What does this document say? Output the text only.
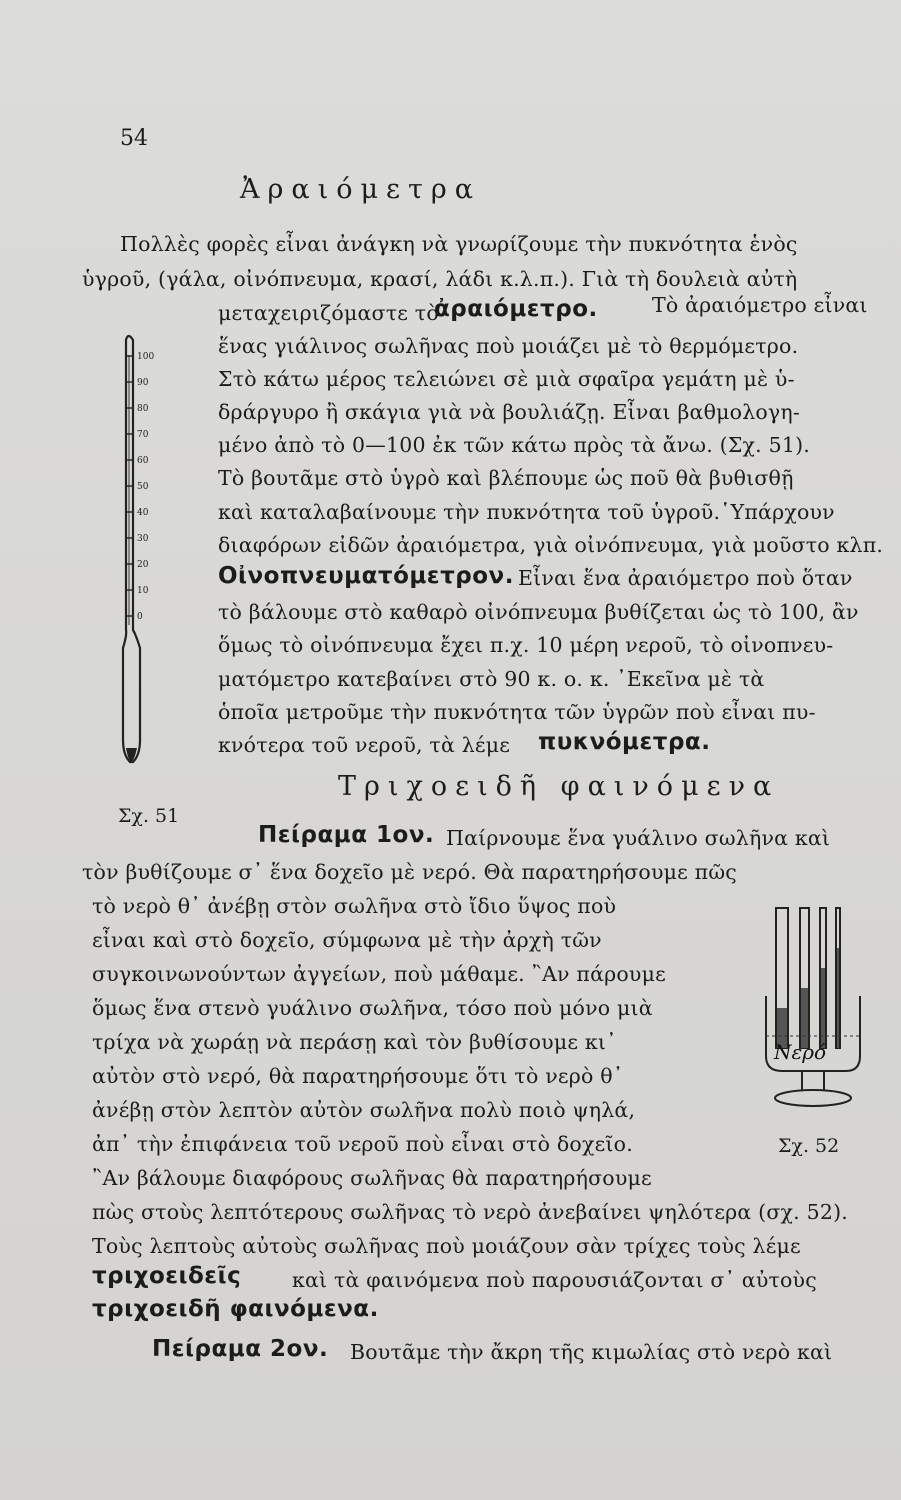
54
Ἀραιόμετρα
Πολλὲς φορὲς εἶναι ἀνάγκη νὰ γνωρίζουμε τὴν πυκνότητα ἑνὸς
ὑγροῦ, (γάλα, οἰνόπνευμα, κρασί, λάδι κ.λ.π.). Γιὰ τὴ δουλειὰ αὐτὴ
μεταχειριζόμαστε τὸ
ἀραιόμετρο.	Τὸ ἀραιόμετρο εἶναι
ἕνας γιάλινος σωλῆνας ποὺ μοιάζει μὲ τὸ θερμόμετρο.
Στὸ κάτω μέρος τελειώνει σὲ μιὰ σφαῖρα γεμάτη μὲ ὑ-
δράργυρο ἢ σκάγια γιὰ νὰ βουλιάζῃ. Εἶναι βαθμολογη-
μένο ἀπὸ τὸ 0—100 ἐκ τῶν κάτω πρὸς τὰ ἄνω. (Σχ. 51).
Τὸ βουτᾶμε στὸ ὑγρὸ καὶ βλέπουμε ὡς ποῦ θὰ βυθισθῇ
καὶ καταλαβαίνουμε τὴν πυκνότητα τοῦ ὑγροῦ.῾Υπάρχουν
διαφόρων εἰδῶν ἀραιόμετρα, γιὰ οἰνόπνευμα, γιὰ μοῦστο κλπ.
Οἰνοπνευματόμετρον. Εἶναι ἕνα ἀραιόμετρο ποὺ ὅταν
τὸ βάλουμε στὸ καθαρὸ οἰνόπνευμα βυθίζεται ὡς τὸ 100, ἂν
ὅμως τὸ οἰνόπνευμα ἔχει π.χ. 10 μέρη νεροῦ, τὸ οἰνοπνευ-
ματόμετρο κατεβαίνει στὸ 90 κ. ο. κ. ᾿Εκεῖνα μὲ τὰ
ὁποῖα μετροῦμε τὴν πυκνότητα τῶν ὑγρῶν ποὺ εἶναι πυ-
κνότερα τοῦ νεροῦ, τὰ λέμε πυκνόμετρα.
100
90
80
70
60
50
40
30
20
10
0
Σχ. 51
Τριχοειδῆ φαινόμενα
Πείραμα 1ον. Παίρνουμε ἕνα γυάλινο σωλῆνα καὶ
τὸν βυθίζουμε σ᾿ ἕνα δοχεῖο μὲ νερό. Θὰ παρατηρήσουμε πῶς
τὸ νερὸ θ᾿ ἀνέβῃ στὸν σωλῆνα στὸ ἴδιο ὕψος ποὺ
εἶναι καὶ στὸ δοχεῖο, σύμφωνα μὲ τὴν ἀρχὴ τῶν
συγκοινωνούντων ἀγγείων, ποὺ μάθαμε. ῍Αν πάρουμε
ὅμως ἕνα στενὸ γυάλινο σωλῆνα, τόσο ποὺ μόνο μιὰ
τρίχα νὰ χωράῃ νὰ περάσῃ καὶ τὸν βυθίσουμε κι᾿
αὐτὸν στὸ νερό, θὰ παρατηρήσουμε ὅτι τὸ νερὸ θ᾿
ἀνέβῃ στὸν λεπτὸν αὐτὸν σωλῆνα πολὺ ποιὸ ψηλά,
ἀπ᾿ τὴν ἐπιφάνεια τοῦ νεροῦ ποὺ εἶναι στὸ δοχεῖο.
῍Αν βάλουμε διαφόρους σωλῆνας θὰ παρατηρήσουμε
πὼς στοὺς λεπτότερους σωλῆνας τὸ νερὸ ἀνεβαίνει ψηλότερα (σχ. 52).
Τοὺς λεπτοὺς αὐτοὺς σωλῆνας ποὺ μοιάζουν σὰν τρίχες τοὺς λέμε
τριχοειδεῖς καὶ τὰ φαινόμενα ποὺ παρουσιάζονται σ᾿ αὐτοὺς
τριχοειδῆ φαινόμενα.
Πείραμα 2ον. Βουτᾶμε τὴν ἄκρη τῆς κιμωλίας στὸ νερὸ καὶ
Νερό
Σχ. 52
